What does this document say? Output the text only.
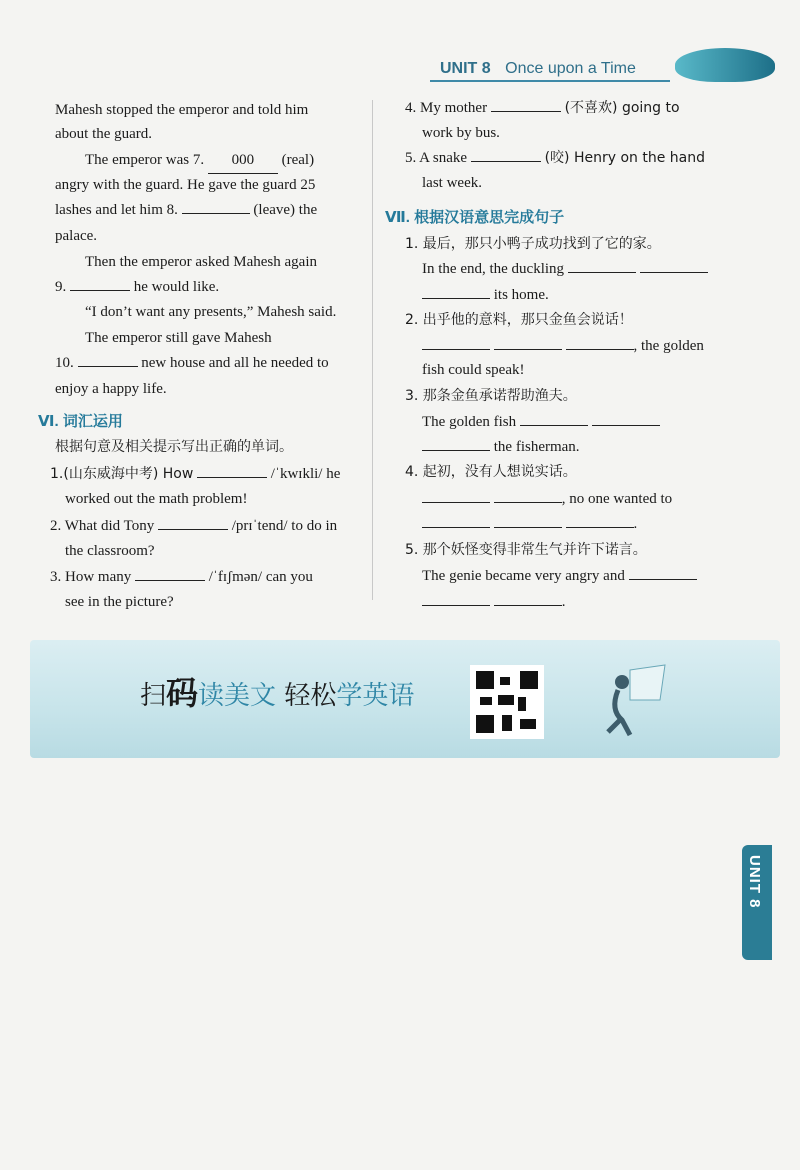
UNIT 8 Once upon a Time
Mahesh stopped the emperor and told him
about the guard.
The emperor was 7. 000 (real)
angry with the guard. He gave the guard 25
lashes and let him 8.	(leave) the
palace.
Then the emperor asked Mahesh again
9.	he would like.
“I don’t want any presents,” Mahesh said.
The emperor still gave Mahesh
10.	new house and all he needed to
enjoy a happy life.
Ⅵ. 词汇运用
根据句意及相关提示写出正确的单词。
1.(山东威海中考) How	/ˈkwɪkli/ he
worked out the math problem!
2. What did Tony	/prɪˈtend/ to do in
the classroom?
3. How many	/ˈfɪʃmən/ can you
see in the picture?
4. My mother	(不喜欢) going to
work by bus.
5. A snake	(咬) Henry on the hand
last week.
Ⅶ. 根据汉语意思完成句子
1. 最后，那只小鸭子成功找到了它的家。
In the end, the duckling
its home.
2. 出乎他的意料，那只金鱼会说话！
, the golden
fish could speak!
3. 那条金鱼承诺帮助渔夫。
The golden fish
the fisherman.
4. 起初，没有人想说实话。
, no one wanted to
.
5. 那个妖怪变得非常生气并许下诺言。
The genie became very angry and
.
扫码读美文 轻松学英语
UNIT 8
